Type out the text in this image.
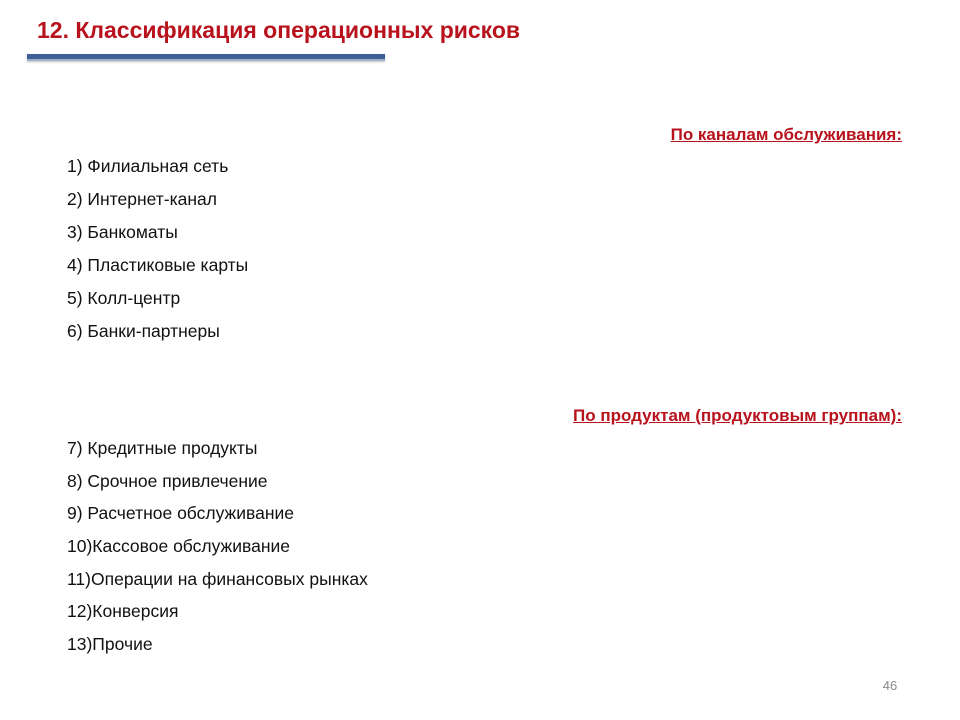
12. Классификация операционных рисков
По каналам обслуживания:
1) Филиальная сеть
2) Интернет-канал
3) Банкоматы
4) Пластиковые карты
5) Колл-центр
6) Банки-партнеры
По продуктам (продуктовым группам):
7) Кредитные продукты
8) Срочное привлечение
9) Расчетное обслуживание
10)Кассовое обслуживание
11)Операции на финансовых рынках
12)Конверсия
13)Прочие
46
